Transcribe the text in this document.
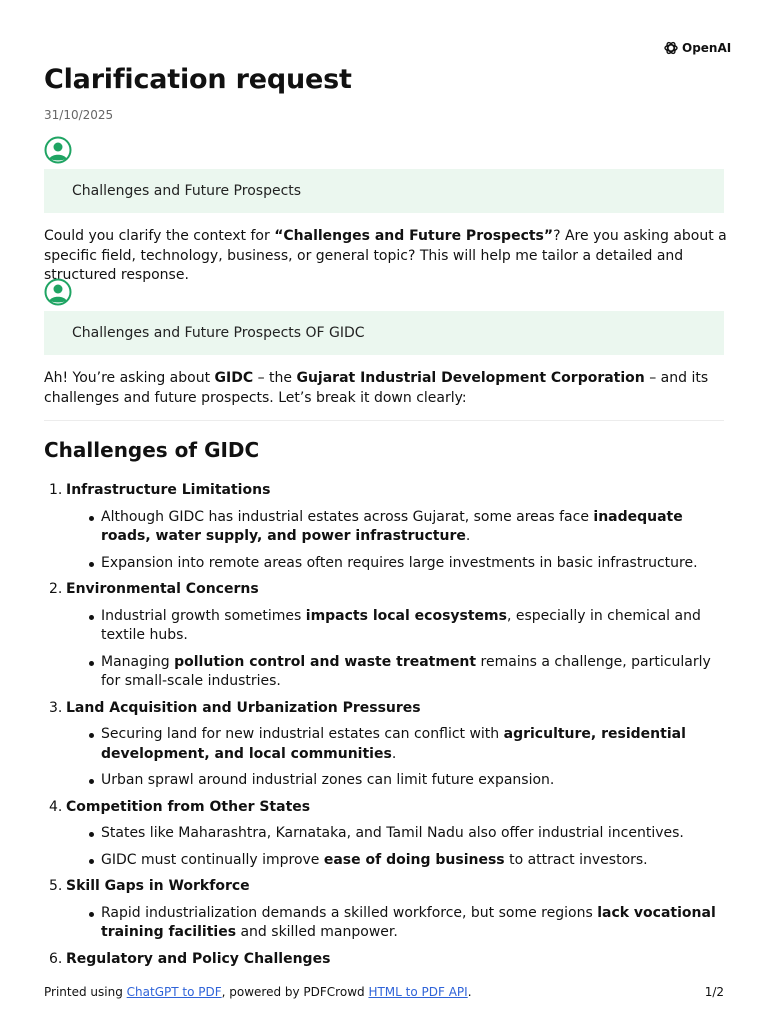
OpenAI
Clarification request
31/10/2025
Challenges and Future Prospects

Could you clarify the context for “Challenges and Future Prospects”? Are you asking about a specific field, technology, business, or general topic? This will help me tailor a detailed and structured response.

Challenges and Future Prospects OF GIDC

Ah! You’re asking about GIDC – the Gujarat Industrial Development Corporation – and its challenges and future prospects. Let’s break it down clearly:

Challenges of GIDC
1. Infrastructure Limitations
Although GIDC has industrial estates across Gujarat, some areas face inadequate roads, water supply, and power infrastructure.
Expansion into remote areas often requires large investments in basic infrastructure.
2. Environmental Concerns
Industrial growth sometimes impacts local ecosystems, especially in chemical and textile hubs.
Managing pollution control and waste treatment remains a challenge, particularly for small-scale industries.
3. Land Acquisition and Urbanization Pressures
Securing land for new industrial estates can conflict with agriculture, residential development, and local communities.
Urban sprawl around industrial zones can limit future expansion.
4. Competition from Other States
States like Maharashtra, Karnataka, and Tamil Nadu also offer industrial incentives.
GIDC must continually improve ease of doing business to attract investors.
5. Skill Gaps in Workforce
Rapid industrialization demands a skilled workforce, but some regions lack vocational training facilities and skilled manpower.
6. Regulatory and Policy Challenges
Printed using ChatGPT to PDF, powered by PDFCrowd HTML to PDF API.	1/2
